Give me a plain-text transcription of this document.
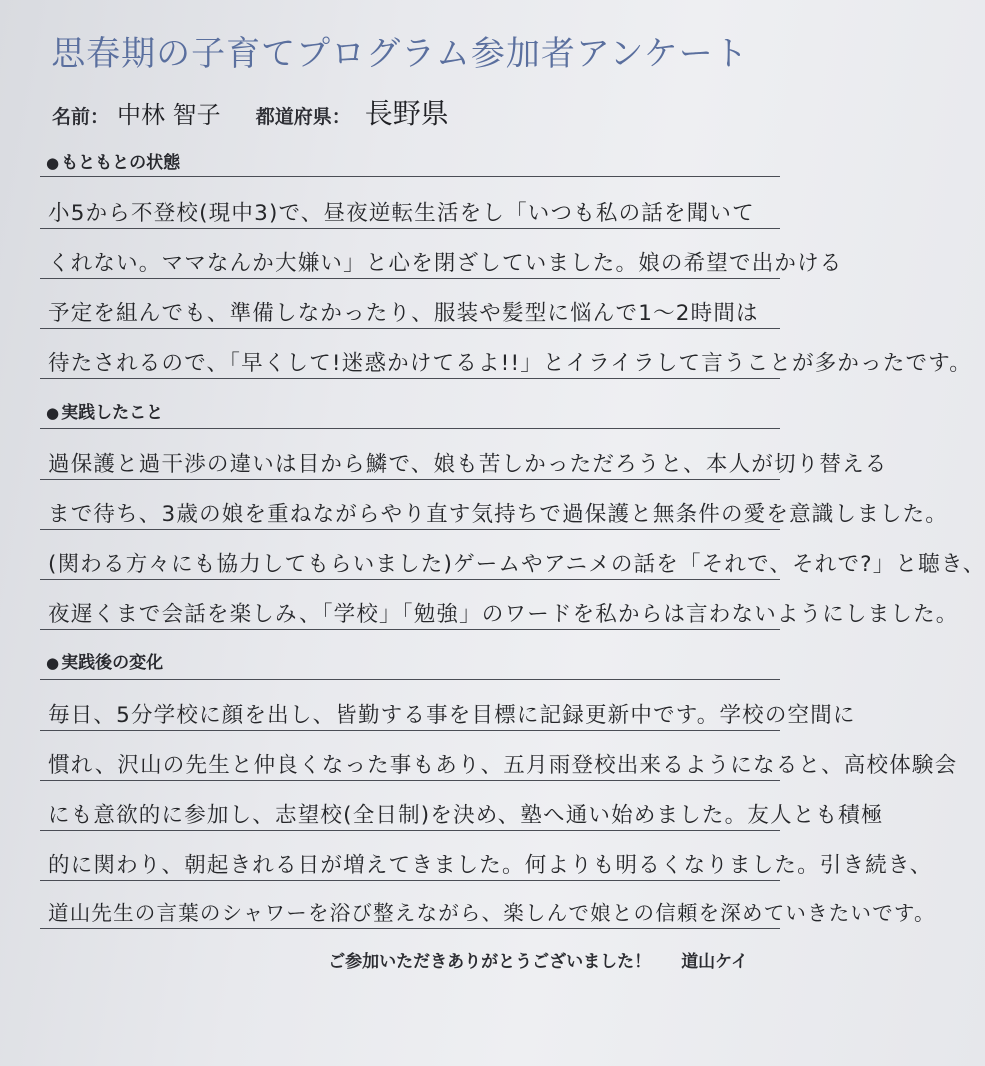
思春期の子育てプログラム参加者アンケート
名前： 中林 智子 都道府県： 長野県
● もともとの状態
小5から不登校(現中3)で、昼夜逆転生活をし「いつも私の話を聞いて
くれない。ママなんか大嫌い」と心を閉ざしていました。娘の希望で出かける
予定を組んでも、準備しなかったり、服装や髪型に悩んで1〜2時間は
待たされるので、「早くして!迷惑かけてるよ!!」とイライラして言うことが多かったです。
● 実践したこと
過保護と過干渉の違いは目から鱗で、娘も苦しかっただろうと、本人が切り替える
まで待ち、3歳の娘を重ねながらやり直す気持ちで過保護と無条件の愛を意識しました。
(関わる方々にも協力してもらいました)ゲームやアニメの話を「それで、それで?」と聴き、
夜遅くまで会話を楽しみ、「学校」「勉強」のワードを私からは言わないようにしました。
● 実践後の変化
毎日、5分学校に顔を出し、皆勤する事を目標に記録更新中です。学校の空間に
慣れ、沢山の先生と仲良くなった事もあり、五月雨登校出来るようになると、高校体験会
にも意欲的に参加し、志望校(全日制)を決め、塾へ通い始めました。友人とも積極
的に関わり、朝起きれる日が増えてきました。何よりも明るくなりました。引き続き、
道山先生の言葉のシャワーを浴び整えながら、楽しんで娘との信頼を深めていきたいです。
ご参加いただきありがとうございました！ 道山ケイ
